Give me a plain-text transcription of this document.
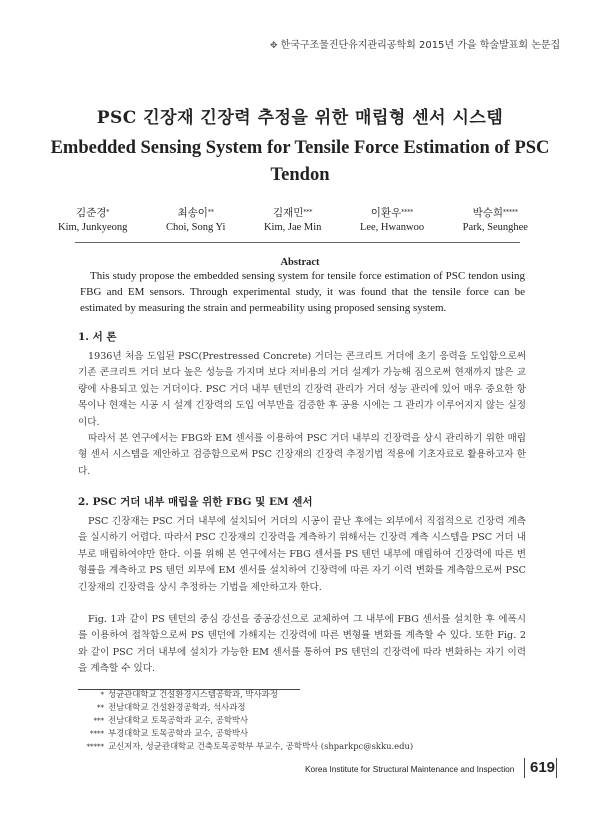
✥ 한국구조물진단유지관리공학회 2015년 가을 학술발표회 논문집
PSC 긴장재 긴장력 추정을 위한 매립형 센서 시스템
Embedded Sensing System for Tensile Force Estimation of PSC Tendon
김준경*
Kim, Junkyeong
최송이**
Choi, Song Yi
김재민***
Kim, Jae Min
이환우****
Lee, Hwanwoo
박승희*****
Park, Seunghee
Abstract
This study propose the embedded sensing system for tensile force estimation of PSC tendon using FBG and EM sensors. Through experimental study, it was found that the tensile force can be estimated by measuring the strain and permeability using proposed sensing system.
1. 서 론
1936년 처음 도입된 PSC(Prestressed Concrete) 거더는 콘크리트 거더에 초기 응력을 도입함으로써 기존 콘크리트 거더 보다 높은 성능을 가지며 보다 저비용의 거더 설계가 가능해 짐으로써 현재까지 많은 교량에 사용되고 있는 거더이다. PSC 거더 내부 텐던의 긴장력 관리가 거더 성능 관리에 있어 매우 중요한 항목이나 현재는 시공 시 설계 긴장력의 도입 여부만을 검증한 후 공용 시에는 그 관리가 이루어지지 않는 실정이다.
따라서 본 연구에서는 FBG와 EM 센서를 이용하여 PSC 거더 내부의 긴장력을 상시 관리하기 위한 매립형 센서 시스템을 제안하고 검증함으로써 PSC 긴장재의 긴장력 추정기법 적용에 기초자료로 활용하고자 한다.
2. PSC 거더 내부 매립을 위한 FBG 및 EM 센서
PSC 긴장재는 PSC 거더 내부에 설치되어 거더의 시공이 끝난 후에는 외부에서 직접적으로 긴장력 계측을 실시하기 어렵다. 따라서 PSC 긴장재의 긴장력을 계측하기 위해서는 긴장력 계측 시스템을 PSC 거더 내부로 매립하여야만 한다. 이를 위해 본 연구에서는 FBG 센서를 PS 텐던 내부에 매립하여 긴장력에 따른 변형률을 계측하고 PS 텐던 외부에 EM 센서를 설치하여 긴장력에 따른 자기 이력 변화를 계측함으로써 PSC 긴장재의 긴장력을 상시 추정하는 기법을 제안하고자 한다.
Fig. 1과 같이 PS 텐던의 중심 강선을 중공강선으로 교체하여 그 내부에 FBG 센서를 설치한 후 에폭시를 이용하여 접착함으로써 PS 텐던에 가해지는 긴장력에 따른 변형률 변화를 계측할 수 있다. 또한 Fig. 2와 같이 PSC 거더 내부에 설치가 가능한 EM 센서를 통하여 PS 텐던의 긴장력에 따라 변화하는 자기 이력을 계측할 수 있다.
* 성균관대학교 건설환경시스템공학과, 박사과정
** 전남대학교 건설환경공학과, 석사과정
*** 전남대학교 토목공학과 교수, 공학박사
**** 부경대학교 토목공학과 교수, 공학박사
***** 교신저자, 성균관대학교 건축토목공학부 부교수, 공학박사 (shparkpc@skku.edu)
Korea Institute for Structural Maintenance and Inspection 619
